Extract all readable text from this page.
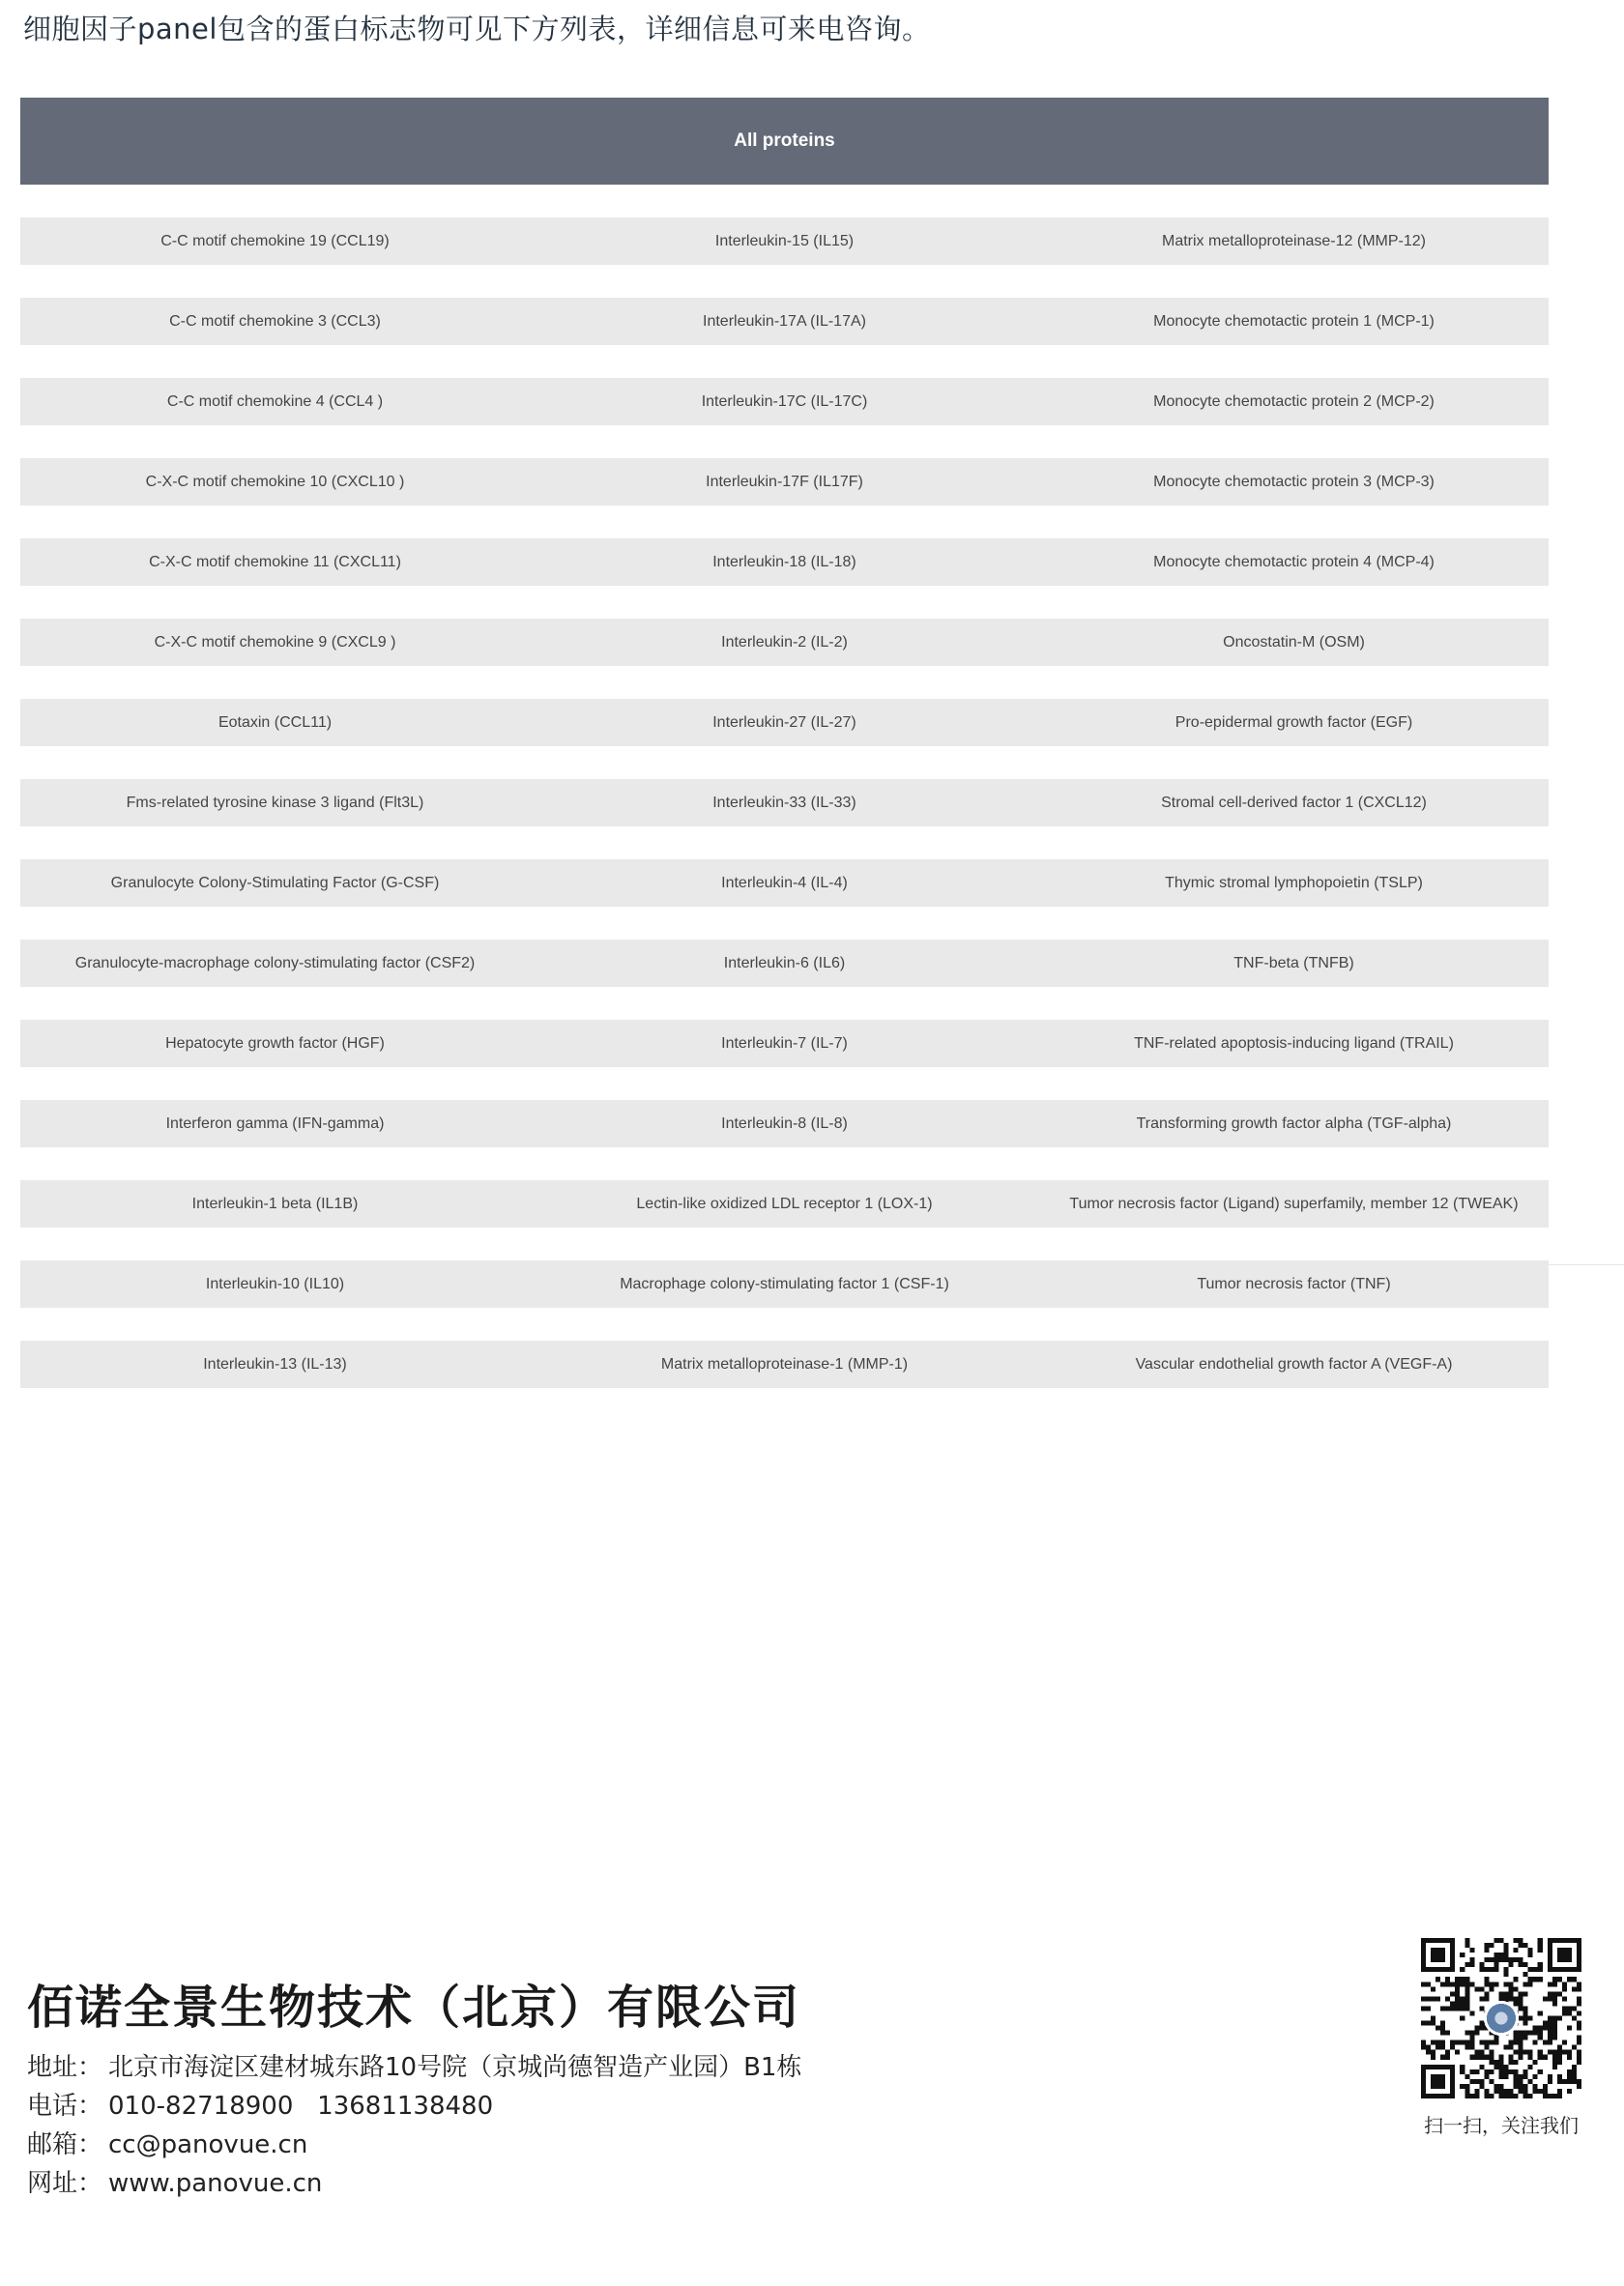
细胞因子panel包含的蛋白标志物可见下方列表，详细信息可来电咨询。
All proteins
C-C motif chemokine 19 (CCL19)	Interleukin-15 (IL15)	Matrix metalloproteinase-12 (MMP-12)
C-C motif chemokine 3 (CCL3)	Interleukin-17A (IL-17A)	Monocyte chemotactic protein 1 (MCP-1)
C-C motif chemokine 4 (CCL4 )	Interleukin-17C (IL-17C)	Monocyte chemotactic protein 2 (MCP-2)
C-X-C motif chemokine 10 (CXCL10 )	Interleukin-17F (IL17F)	Monocyte chemotactic protein 3 (MCP-3)
C-X-C motif chemokine 11 (CXCL11)	Interleukin-18 (IL-18)	Monocyte chemotactic protein 4 (MCP-4)
C-X-C motif chemokine 9 (CXCL9 )	Interleukin-2 (IL-2)	Oncostatin-M (OSM)
Eotaxin (CCL11)	Interleukin-27 (IL-27)	Pro-epidermal growth factor (EGF)
Fms-related tyrosine kinase 3 ligand (Flt3L)	Interleukin-33 (IL-33)	Stromal cell-derived factor 1 (CXCL12)
Granulocyte Colony-Stimulating Factor (G-CSF)	Interleukin-4 (IL-4)	Thymic stromal lymphopoietin (TSLP)
Granulocyte-macrophage colony-stimulating factor (CSF2)	Interleukin-6 (IL6)	TNF-beta (TNFB)
Hepatocyte growth factor (HGF)	Interleukin-7 (IL-7)	TNF-related apoptosis-inducing ligand (TRAIL)
Interferon gamma (IFN-gamma)	Interleukin-8 (IL-8)	Transforming growth factor alpha (TGF-alpha)
Interleukin-1 beta (IL1B)	Lectin-like oxidized LDL receptor 1 (LOX-1)	Tumor necrosis factor (Ligand) superfamily, member 12 (TWEAK)
Interleukin-10 (IL10)	Macrophage colony-stimulating factor 1 (CSF-1)	Tumor necrosis factor (TNF)
Interleukin-13 (IL-13)	Matrix metalloproteinase-1 (MMP-1)	Vascular endothelial growth factor A (VEGF-A)
佰诺全景生物技术（北京）有限公司
地址： 北京市海淀区建材城东路10号院（京城尚德智造产业园）B1栋
电话： 010-82718900   13681138480
邮箱： cc@panovue.cn
网址： www.panovue.cn
扫一扫，关注我们
